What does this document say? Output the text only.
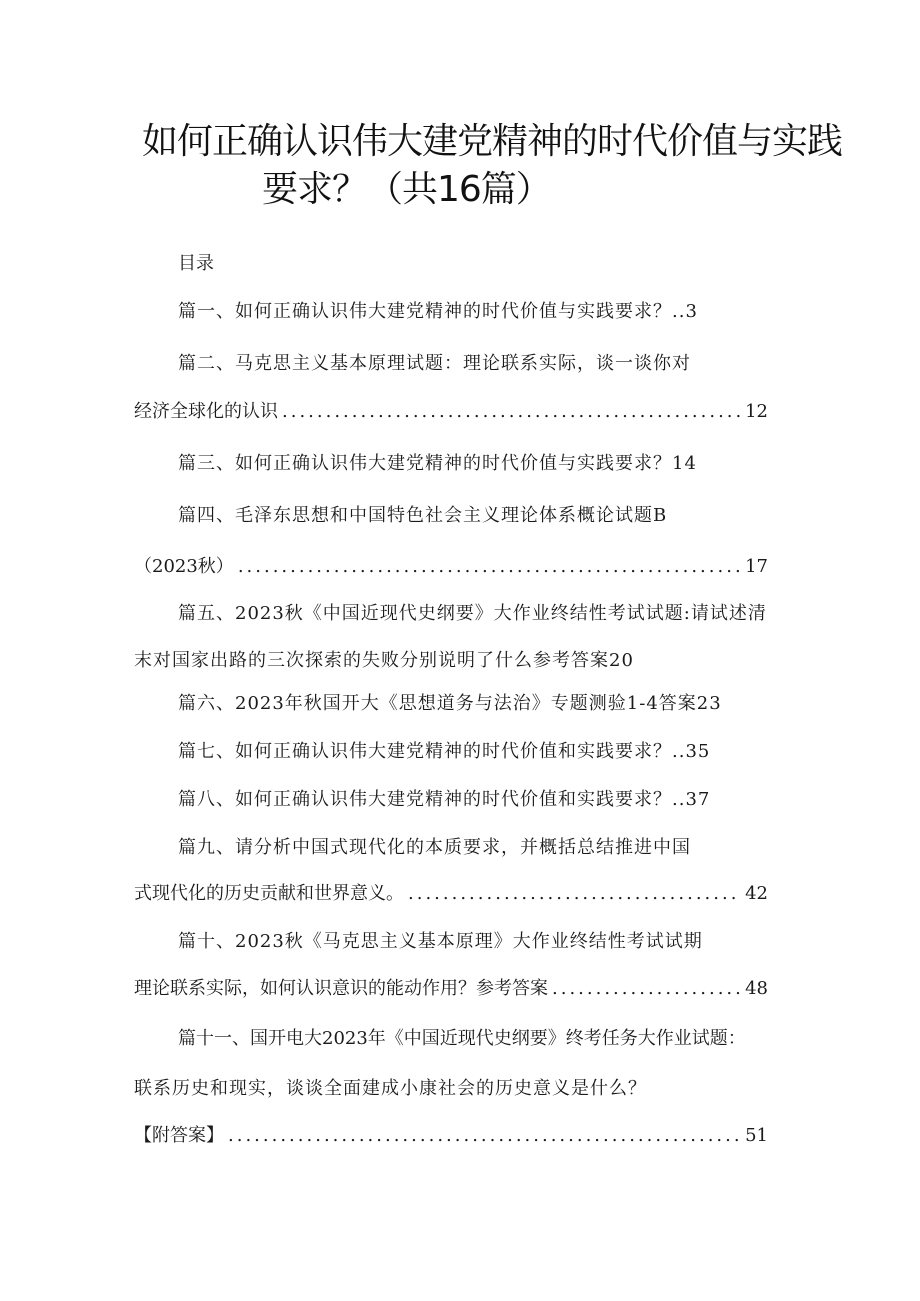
如何正确认识伟大建党精神的时代价值与实践
要求？（共16篇）
目录
篇一、如何正确认识伟大建党精神的时代价值与实践要求？..3
篇二、马克思主义基本原理试题：理论联系实际，谈一谈你对
经济全球化的认识 .....	12
篇三、如何正确认识伟大建党精神的时代价值与实践要求？14
篇四、毛泽东思想和中国特色社会主义理论体系概论试题B
（2023秋） .....	17
篇五、2023秋《中国近现代史纲要》大作业终结性考试试题:请试述清
末对国家出路的三次探索的失败分别说明了什么参考答案20
篇六、2023年秋国开大《思想道务与法治》专题测验1-4答案23
篇七、如何正确认识伟大建党精神的时代价值和实践要求？..35
篇八、如何正确认识伟大建党精神的时代价值和实践要求？..37
篇九、请分析中国式现代化的本质要求，并概括总结推进中国
式现代化的历史贡献和世界意义。 .....	42
篇十、2023秋《马克思主义基本原理》大作业终结性考试试期
理论联系实际，如何认识意识的能动作用？参考答案 .....	48
篇十一、国开电大2023年《中国近现代史纲要》终考任务大作业试题：
联系历史和现实，谈谈全面建成小康社会的历史意义是什么？
【附答案】 .....	51
